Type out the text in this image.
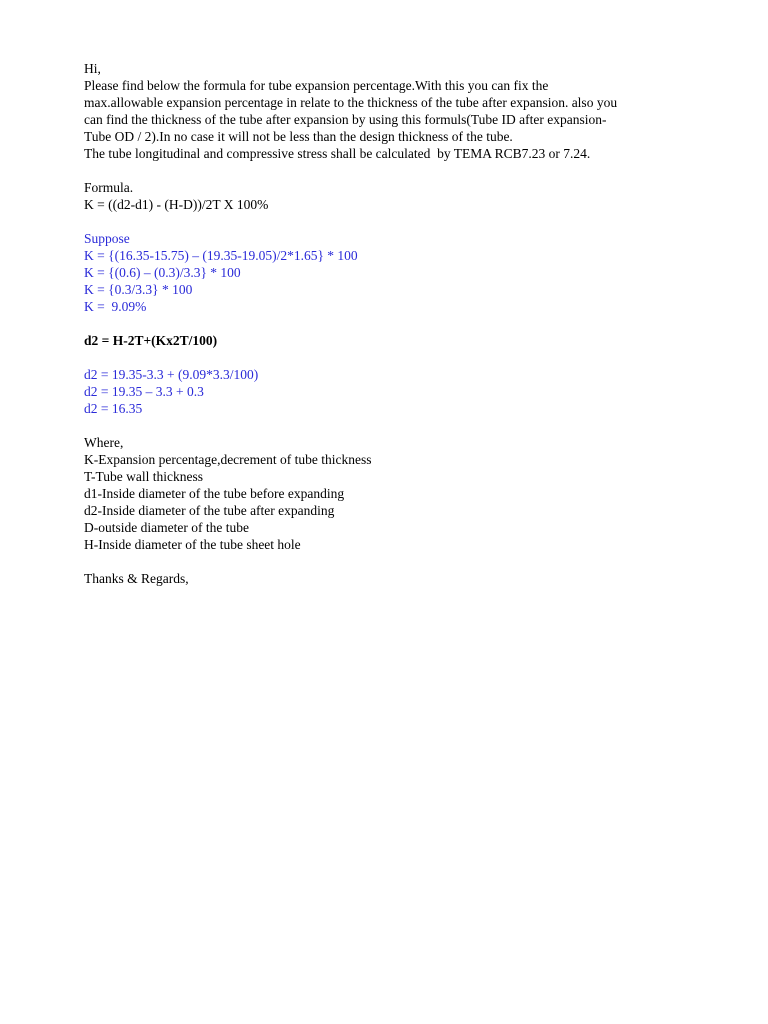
Hi,
Please find below the formula for tube expansion percentage.With this you can fix the
max.allowable expansion percentage in relate to the thickness of the tube after expansion. also you
can find the thickness of the tube after expansion by using this formuls(Tube ID after expansion-
Tube OD / 2).In no case it will not be less than the design thickness of the tube.
The tube longitudinal and compressive stress shall be calculated  by TEMA RCB7.23 or 7.24.
Formula.
K = ((d2-d1) - (H-D))/2T X 100%
Suppose
K = {(16.35-15.75) – (19.35-19.05)/2*1.65} * 100
K = {(0.6) – (0.3)/3.3} * 100
K = {0.3/3.3} * 100
K =  9.09%
d2 = H-2T+(Kx2T/100)
d2 = 19.35-3.3 + (9.09*3.3/100)
d2 = 19.35 – 3.3 + 0.3
d2 = 16.35
Where,
K-Expansion percentage,decrement of tube thickness
T-Tube wall thickness
d1-Inside diameter of the tube before expanding
d2-Inside diameter of the tube after expanding
D-outside diameter of the tube
H-Inside diameter of the tube sheet hole
Thanks & Regards,
